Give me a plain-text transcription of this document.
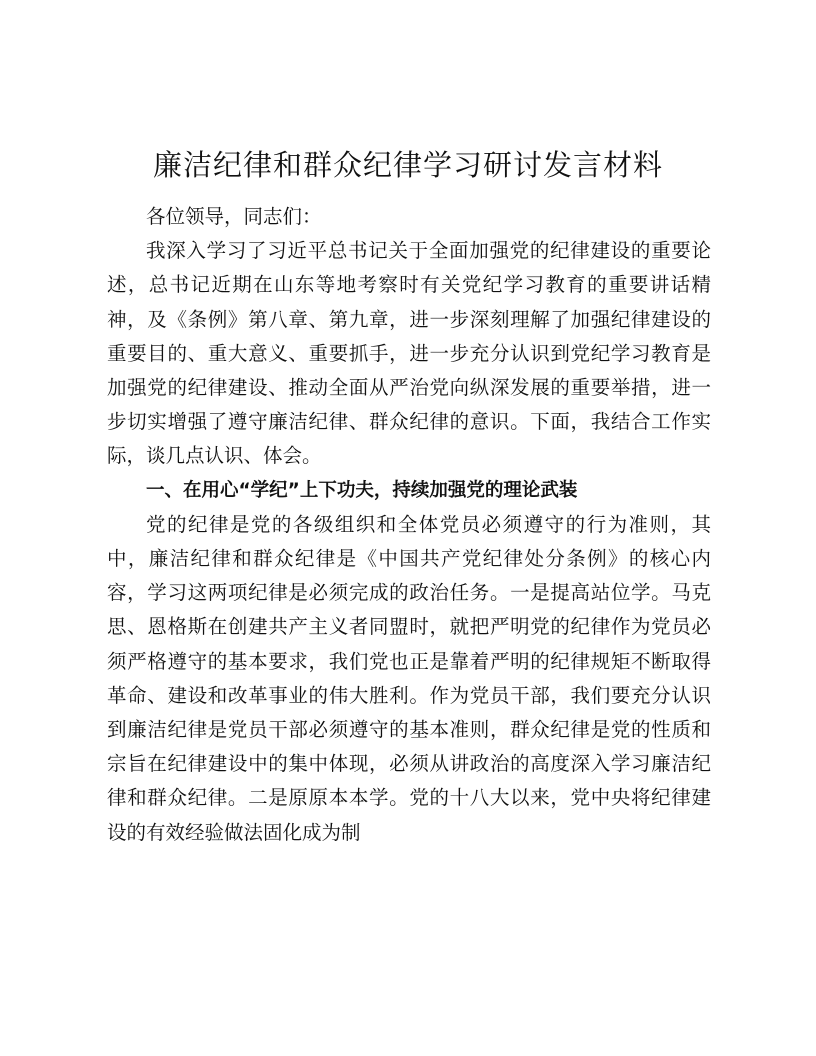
廉洁纪律和群众纪律学习研讨发言材料

各位领导，同志们：

我深入学习了习近平总书记关于全面加强党的纪律建设的重要论述，总书记近期在山东等地考察时有关党纪学习教育的重要讲话精神，及《条例》第八章、第九章，进一步深刻理解了加强纪律建设的重要目的、重大意义、重要抓手，进一步充分认识到党纪学习教育是加强党的纪律建设、推动全面从严治党向纵深发展的重要举措，进一步切实增强了遵守廉洁纪律、群众纪律的意识。下面，我结合工作实际，谈几点认识、体会。

一、在用心“学纪”上下功夫，持续加强党的理论武装

党的纪律是党的各级组织和全体党员必须遵守的行为准则，其中，廉洁纪律和群众纪律是《中国共产党纪律处分条例》的核心内容，学习这两项纪律是必须完成的政治任务。一是提高站位学。马克思、恩格斯在创建共产主义者同盟时，就把严明党的纪律作为党员必须严格遵守的基本要求，我们党也正是靠着严明的纪律规矩不断取得革命、建设和改革事业的伟大胜利。作为党员干部，我们要充分认识到廉洁纪律是党员干部必须遵守的基本准则，群众纪律是党的性质和宗旨在纪律建设中的集中体现，必须从讲政治的高度深入学习廉洁纪律和群众纪律。二是原原本本学。党的十八大以来，党中央将纪律建设的有效经验做法固化成为制
